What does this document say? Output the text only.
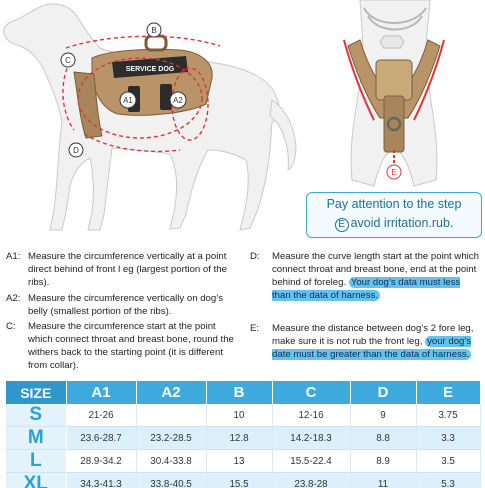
SERVICE DOG
B
C
A1	A2
D
E
Pay attention to the step
E avoid irritation.rub.
A1: Measure the circumference vertically at a point direct behind of front l eg (largest portion of the ribs).
A2: Measure the circumference vertically on dog’s belly (smallest portion of the ribs).
C: Measure the circumference start at the point which connect throat and breast bone, round the withers back to the starting point (it is different from collar).
D: Measure the curve length start at the point which connect throat and breast bone, end at the point behind of foreleg. Your dog’s data must less than the data of harness.
E: Measure the distance between dog’s 2 fore leg, make sure it is not rub the front leg, your dog’s date must be greater than the data of harness.
SIZE	A1	A2	B	C	D	E
S	21-26		10	12-16	9	3.75
M	23.6-28.7	23.2-28.5	12.8	14.2-18.3	8.8	3.3
L	28.9-34.2	30.4-33.8	13	15.5-22.4	8.9	3.5
XL	34.3-41.3	33.8-40.5	15.5	23.8-28	11	5.3
